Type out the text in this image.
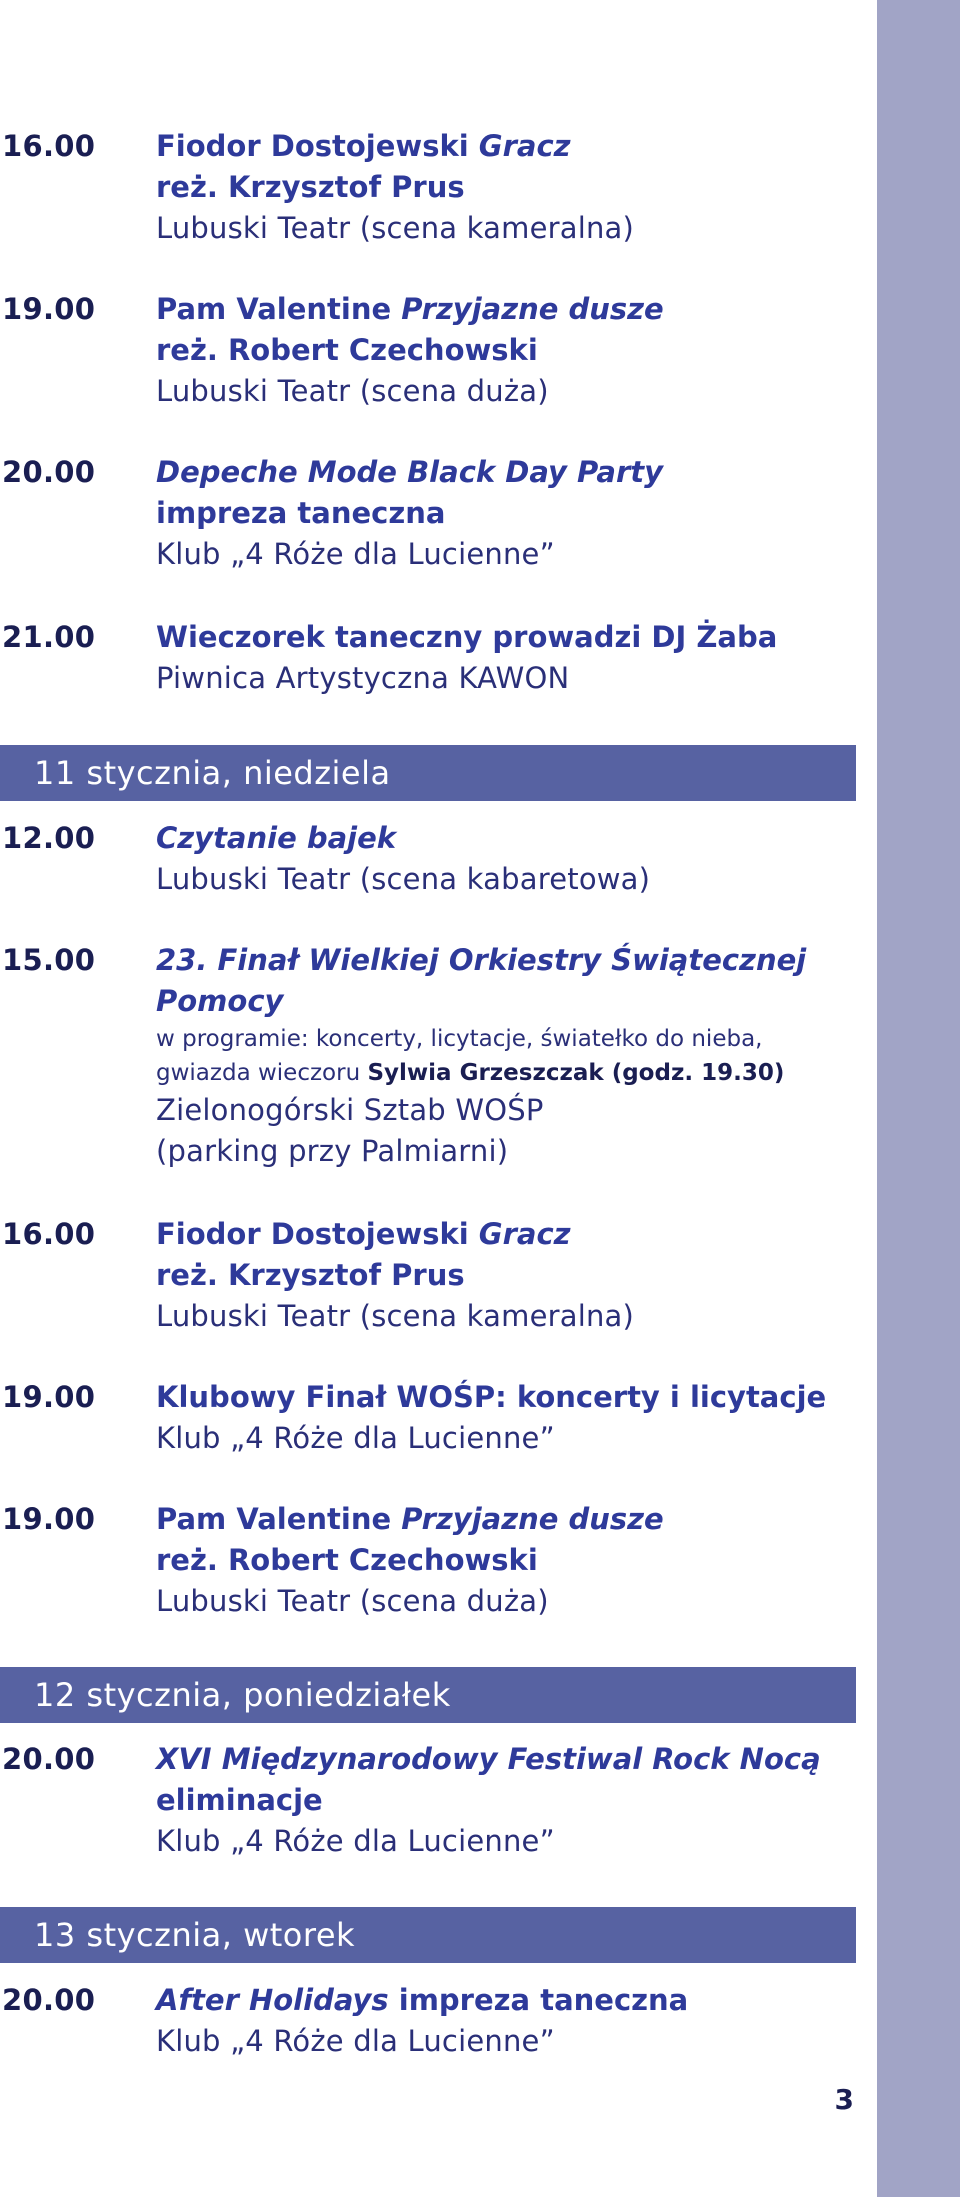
16.00	Fiodor Dostojewski Gracz
reż. Krzysztof Prus
Lubuski Teatr (scena kameralna)
19.00	Pam Valentine Przyjazne dusze
reż. Robert Czechowski
Lubuski Teatr (scena duża)
20.00	Depeche Mode Black Day Party
impreza taneczna
Klub „4 Róże dla Lucienne”
21.00	Wieczorek taneczny prowadzi DJ Żaba
Piwnica Artystyczna KAWON
11 stycznia, niedziela
12.00	Czytanie bajek
Lubuski Teatr (scena kabaretowa)
15.00	23. Finał Wielkiej Orkiestry Świątecznej
Pomocy
w programie: koncerty, licytacje, światełko do nieba,
gwiazda wieczoru Sylwia Grzeszczak (godz. 19.30)
Zielonogórski Sztab WOŚP
(parking przy Palmiarni)
16.00	Fiodor Dostojewski Gracz
reż. Krzysztof Prus
Lubuski Teatr (scena kameralna)
19.00	Klubowy Finał WOŚP: koncerty i licytacje
Klub „4 Róże dla Lucienne”
19.00	Pam Valentine Przyjazne dusze
reż. Robert Czechowski
Lubuski Teatr (scena duża)
12 stycznia, poniedziałek
20.00	XVI Międzynarodowy Festiwal Rock Nocą
eliminacje
Klub „4 Róże dla Lucienne”
13 stycznia, wtorek
20.00	After Holidays impreza taneczna
Klub „4 Róże dla Lucienne”
3
